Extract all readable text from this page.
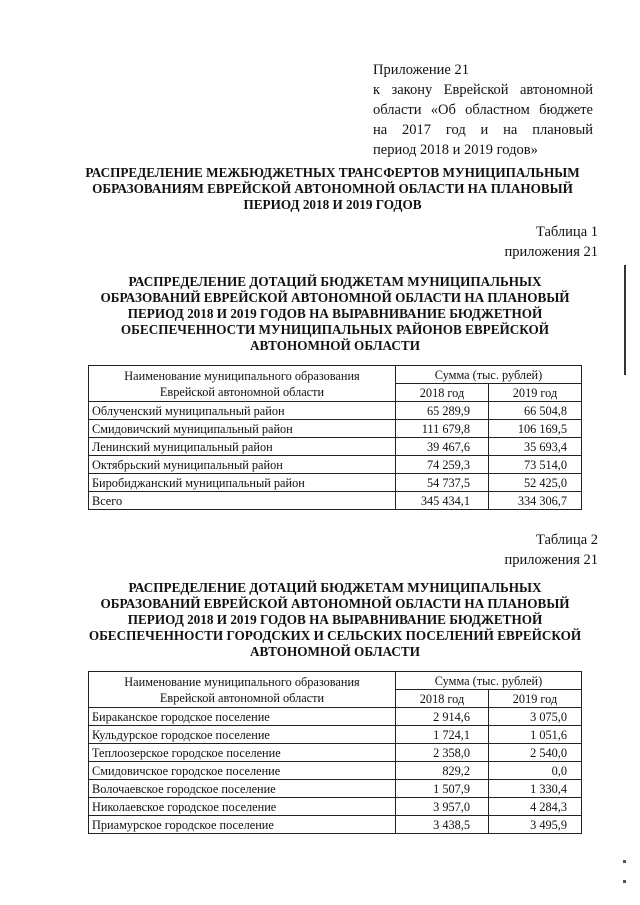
Приложение 21
к закону Еврейской автономной
области «Об областном бюджете
на 2017 год и на плановый
период 2018 и 2019 годов»
РАСПРЕДЕЛЕНИЕ МЕЖБЮДЖЕТНЫХ ТРАНСФЕРТОВ МУНИЦИПАЛЬНЫМ
ОБРАЗОВАНИЯМ ЕВРЕЙСКОЙ АВТОНОМНОЙ ОБЛАСТИ НА ПЛАНОВЫЙ
ПЕРИОД 2018 И 2019 ГОДОВ
Таблица 1
приложения 21
РАСПРЕДЕЛЕНИЕ ДОТАЦИЙ БЮДЖЕТАМ МУНИЦИПАЛЬНЫХ
ОБРАЗОВАНИЙ ЕВРЕЙСКОЙ АВТОНОМНОЙ ОБЛАСТИ НА ПЛАНОВЫЙ
ПЕРИОД 2018 И 2019 ГОДОВ НА ВЫРАВНИВАНИЕ БЮДЖЕТНОЙ
ОБЕСПЕЧЕННОСТИ МУНИЦИПАЛЬНЫХ РАЙОНОВ ЕВРЕЙСКОЙ
АВТОНОМНОЙ ОБЛАСТИ
Наименование муниципального образования
Еврейской автономной области	Сумма (тыс. рублей)	
	2018 год	2019 год
Облученский муниципальный район	65 289,9	66 504,8
Смидовичский муниципальный район	111 679,8	106 169,5
Ленинский муниципальный район	39 467,6	35 693,4
Октябрьский муниципальный район	74 259,3	73 514,0
Биробиджанский муниципальный район	54 737,5	52 425,0
Всего	345 434,1	334 306,7
Таблица 2
приложения 21
РАСПРЕДЕЛЕНИЕ ДОТАЦИЙ БЮДЖЕТАМ МУНИЦИПАЛЬНЫХ
ОБРАЗОВАНИЙ ЕВРЕЙСКОЙ АВТОНОМНОЙ ОБЛАСТИ НА ПЛАНОВЫЙ
ПЕРИОД 2018 И 2019 ГОДОВ НА ВЫРАВНИВАНИЕ БЮДЖЕТНОЙ
ОБЕСПЕЧЕННОСТИ ГОРОДСКИХ И СЕЛЬСКИХ ПОСЕЛЕНИЙ ЕВРЕЙСКОЙ
АВТОНОМНОЙ ОБЛАСТИ
Наименование муниципального образования
Еврейской автономной области	Сумма (тыс. рублей)	
	2018 год	2019 год
Бираканское городское поселение	2 914,6	3 075,0
Кульдурское городское поселение	1 724,1	1 051,6
Теплоозерское городское поселение	2 358,0	2 540,0
Смидовичское городское поселение	829,2	0,0
Волочаевское городское поселение	1 507,9	1 330,4
Николаевское городское поселение	3 957,0	4 284,3
Приамурское городское поселение	3 438,5	3 495,9
